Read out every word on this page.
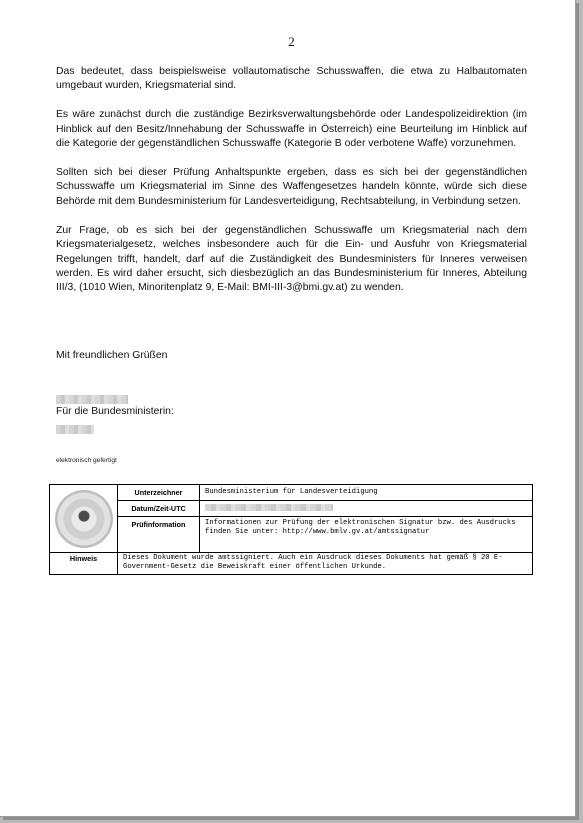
2

Das bedeutet, dass beispielsweise vollautomatische Schusswaffen, die etwa zu Halbautomaten umgebaut wurden, Kriegsmaterial sind.

Es wäre zunächst durch die zuständige Bezirksverwaltungsbehörde oder Landespolizeidirektion (im Hinblick auf den Besitz/Innehabung der Schusswaffe in Österreich) eine Beurteilung im Hinblick auf die Kategorie der gegenständlichen Schusswaffe (Kategorie B oder verbotene Waffe) vorzunehmen.

Sollten sich bei dieser Prüfung Anhaltspunkte ergeben, dass es sich bei der gegenständlichen Schusswaffe um Kriegsmaterial im Sinne des Waffengesetzes handeln könnte, würde sich diese Behörde mit dem Bundesministerium für Landesverteidigung, Rechtsabteilung, in Verbindung setzen.

Zur Frage, ob es sich bei der gegenständlichen Schusswaffe um Kriegsmaterial nach dem Kriegsmaterialgesetz, welches insbesondere auch für die Ein- und Ausfuhr von Kriegsmaterial Regelungen trifft, handelt, darf auf die Zuständigkeit des Bundesministers für Inneres verweisen werden. Es wird daher ersucht, sich diesbezüglich an das Bundesministerium für Inneres, Abteilung III/3, (1010 Wien, Minoritenplatz 9, E-Mail: BMI-III-3@bmi.gv.at) zu wenden.

Mit freundlichen Grüßen
Für die Bundesministerin:
elektronisch gefertigt
	Unterzeichner	Bundesministerium für Landesverteidigung
	Datum/Zeit-UTC	
	Prüfinformation	Informationen zur Prüfung der elektronischen Signatur bzw. des Ausdrucks finden Sie unter: http://www.bmlv.gv.at/amtssignatur
Hinweis	Dieses Dokument wurde amtssigniert. Auch ein Ausdruck dieses Dokuments hat gemäß § 20 E-Government-Gesetz die Beweiskraft einer öffentlichen Urkunde.	
